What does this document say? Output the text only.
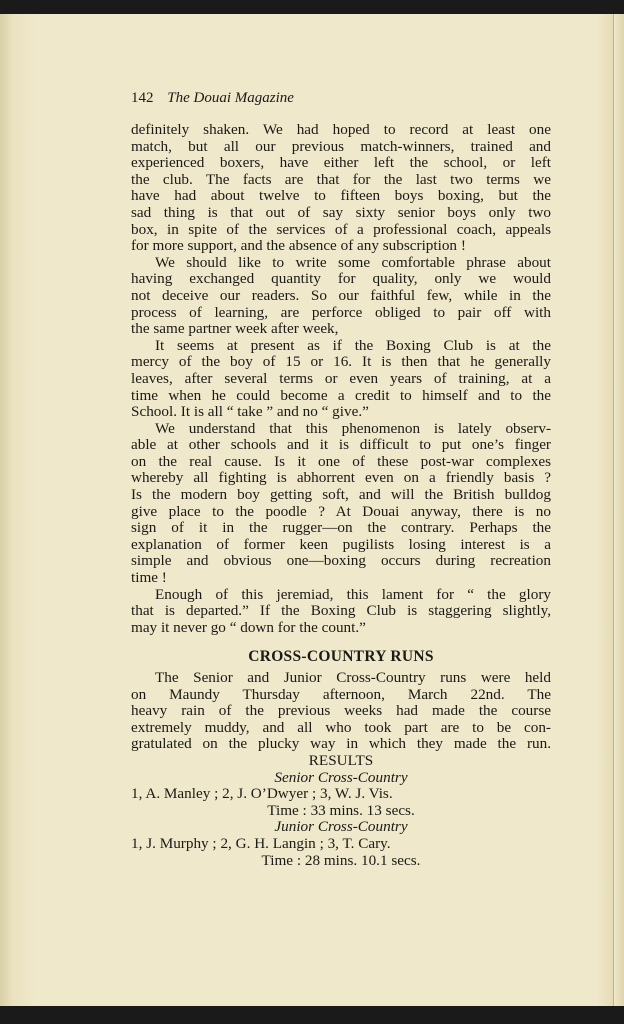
142 The Douai Magazine
definitely shaken. We had hoped to record at least one
match, but all our previous match-winners, trained and
experienced boxers, have either left the school, or left
the club. The facts are that for the last two terms we
have had about twelve to fifteen boys boxing, but the
sad thing is that out of say sixty senior boys only two
box, in spite of the services of a professional coach, appeals
for more support, and the absence of any subscription !
We should like to write some comfortable phrase about
having exchanged quantity for quality, only we would
not deceive our readers. So our faithful few, while in the
process of learning, are perforce obliged to pair off with
the same partner week after week,
It seems at present as if the Boxing Club is at the
mercy of the boy of 15 or 16. It is then that he generally
leaves, after several terms or even years of training, at a
time when he could become a credit to himself and to the
School. It is all “ take ” and no “ give.”
We understand that this phenomenon is lately observ-
able at other schools and it is difficult to put one’s finger
on the real cause. Is it one of these post-war complexes
whereby all fighting is abhorrent even on a friendly basis ?
Is the modern boy getting soft, and will the British bulldog
give place to the poodle ? At Douai anyway, there is no
sign of it in the rugger—on the contrary. Perhaps the
explanation of former keen pugilists losing interest is a
simple and obvious one—boxing occurs during recreation
time !
Enough of this jeremiad, this lament for “ the glory
that is departed.” If the Boxing Club is staggering slightly,
may it never go “ down for the count.”
CROSS-COUNTRY RUNS
The Senior and Junior Cross-Country runs were held
on Maundy Thursday afternoon, March 22nd. The
heavy rain of the previous weeks had made the course
extremely muddy, and all who took part are to be con-
gratulated on the plucky way in which they made the run.
RESULTS
Senior Cross-Country
1, A. Manley ; 2, J. O’Dwyer ; 3, W. J. Vis.
Time : 33 mins. 13 secs.
Junior Cross-Country
1, J. Murphy ; 2, G. H. Langin ; 3, T. Cary.
Time : 28 mins. 10.1 secs.
